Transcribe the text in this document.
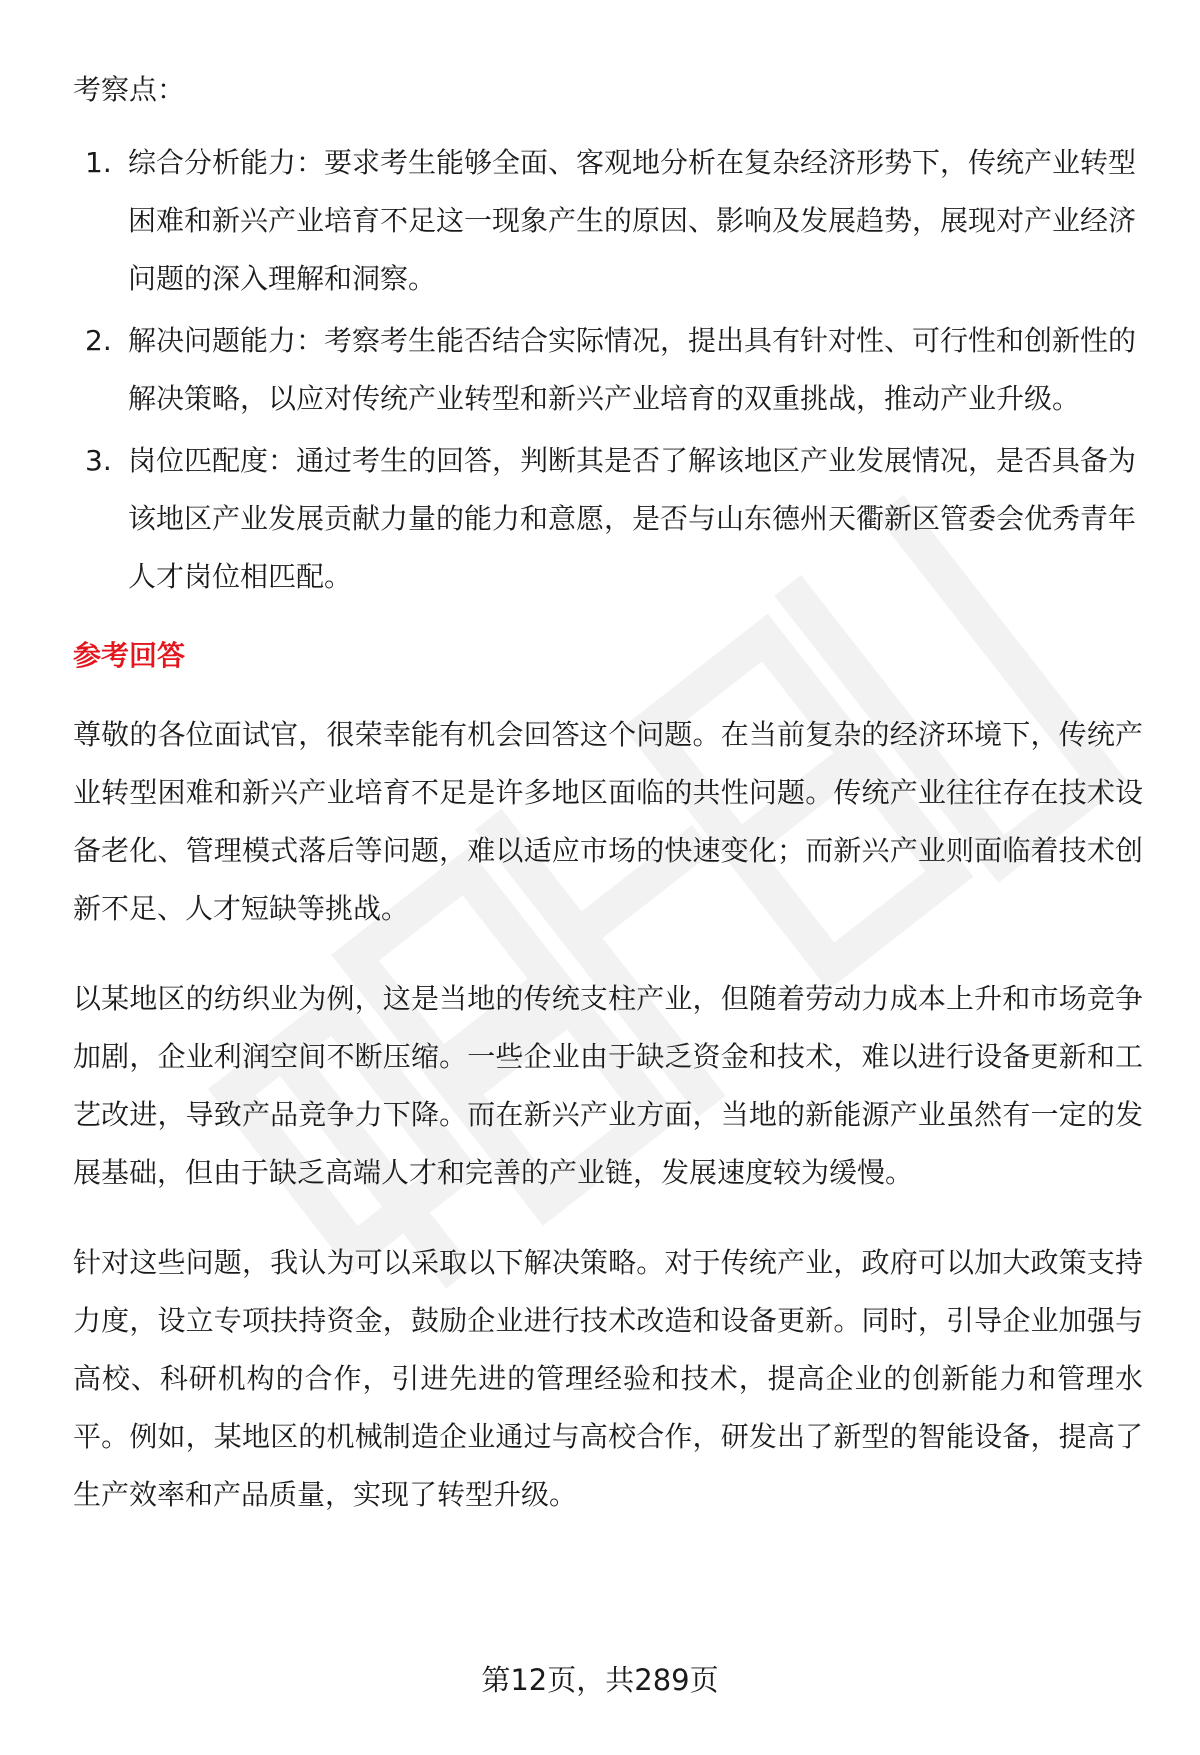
考察点：

1. 综合分析能力：要求考生能够全面、客观地分析在复杂经济形势下，传统产业转型困难和新兴产业培育不足这一现象产生的原因、影响及发展趋势，展现对产业经济问题的深入理解和洞察。
2. 解决问题能力：考察考生能否结合实际情况，提出具有针对性、可行性和创新性的解决策略，以应对传统产业转型和新兴产业培育的双重挑战，推动产业升级。
3. 岗位匹配度：通过考生的回答，判断其是否了解该地区产业发展情况，是否具备为该地区产业发展贡献力量的能力和意愿，是否与山东德州天衢新区管委会优秀青年人才岗位相匹配。
参考回答

尊敬的各位面试官，很荣幸能有机会回答这个问题。在当前复杂的经济环境下，传统产业转型困难和新兴产业培育不足是许多地区面临的共性问题。传统产业往往存在技术设备老化、管理模式落后等问题，难以适应市场的快速变化；而新兴产业则面临着技术创新不足、人才短缺等挑战。

以某地区的纺织业为例，这是当地的传统支柱产业，但随着劳动力成本上升和市场竞争加剧，企业利润空间不断压缩。一些企业由于缺乏资金和技术，难以进行设备更新和工艺改进，导致产品竞争力下降。而在新兴产业方面，当地的新能源产业虽然有一定的发展基础，但由于缺乏高端人才和完善的产业链，发展速度较为缓慢。

针对这些问题，我认为可以采取以下解决策略。对于传统产业，政府可以加大政策支持力度，设立专项扶持资金，鼓励企业进行技术改造和设备更新。同时，引导企业加强与高校、科研机构的合作，引进先进的管理经验和技术，提高企业的创新能力和管理水平。例如，某地区的机械制造企业通过与高校合作，研发出了新型的智能设备，提高了生产效率和产品质量，实现了转型升级。

第12页，共289页
